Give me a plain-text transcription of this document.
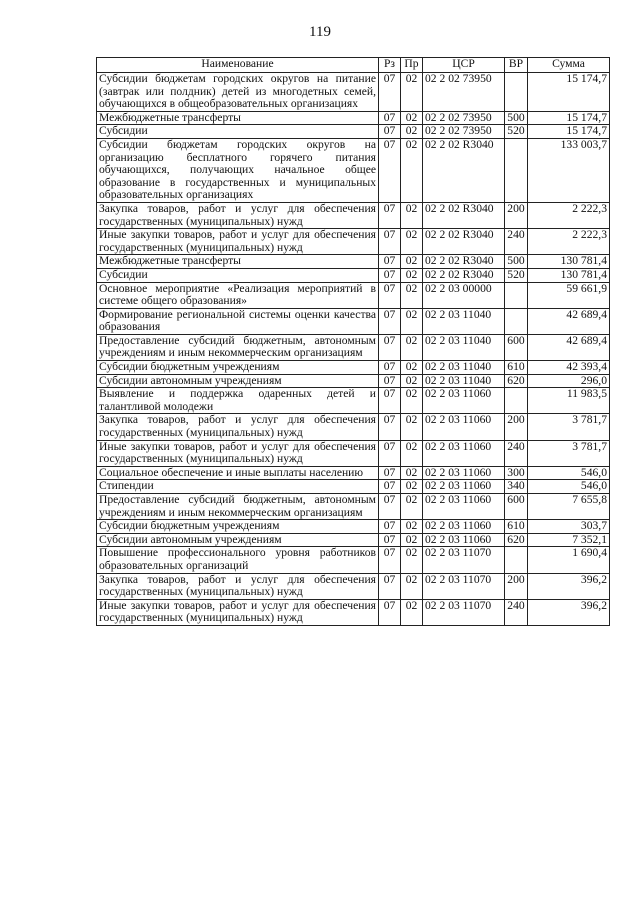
119
Наименование	Рз	Пр	ЦСР	ВР	Сумма
Субсидии бюджетам городских округов на питание (завтрак или полдник) детей из многодетных семей, обучающихся в общеобразовательных организациях	07	02	02 2 02 73950		15 174,7
Межбюджетные трансферты	07	02	02 2 02 73950	500	15 174,7
Субсидии	07	02	02 2 02 73950	520	15 174,7
Субсидии бюджетам городских округов на организацию бесплатного горячего питания обучающихся, получающих начальное общее образование в государственных и муниципальных образовательных организациях	07	02	02 2 02 R3040		133 003,7
Закупка товаров, работ и услуг для обеспечения государственных (муниципальных) нужд	07	02	02 2 02 R3040	200	2 222,3
Иные закупки товаров, работ и услуг для обеспечения государственных (муниципальных) нужд	07	02	02 2 02 R3040	240	2 222,3
Межбюджетные трансферты	07	02	02 2 02 R3040	500	130 781,4
Субсидии	07	02	02 2 02 R3040	520	130 781,4
Основное мероприятие «Реализация мероприятий в системе общего образования»	07	02	02 2 03 00000		59 661,9
Формирование региональной системы оценки качества образования	07	02	02 2 03 11040		42 689,4
Предоставление субсидий бюджетным, автономным учреждениям и иным некоммерческим организациям	07	02	02 2 03 11040	600	42 689,4
Субсидии бюджетным учреждениям	07	02	02 2 03 11040	610	42 393,4
Субсидии автономным учреждениям	07	02	02 2 03 11040	620	296,0
Выявление и поддержка одаренных детей и талантливой молодежи	07	02	02 2 03 11060		11 983,5
Закупка товаров, работ и услуг для обеспечения государственных (муниципальных) нужд	07	02	02 2 03 11060	200	3 781,7
Иные закупки товаров, работ и услуг для обеспечения государственных (муниципальных) нужд	07	02	02 2 03 11060	240	3 781,7
Социальное обеспечение и иные выплаты населению	07	02	02 2 03 11060	300	546,0
Стипендии	07	02	02 2 03 11060	340	546,0
Предоставление субсидий бюджетным, автономным учреждениям и иным некоммерческим организациям	07	02	02 2 03 11060	600	7 655,8
Субсидии бюджетным учреждениям	07	02	02 2 03 11060	610	303,7
Субсидии автономным учреждениям	07	02	02 2 03 11060	620	7 352,1
Повышение профессионального уровня работников образовательных организаций	07	02	02 2 03 11070		1 690,4
Закупка товаров, работ и услуг для обеспечения государственных (муниципальных) нужд	07	02	02 2 03 11070	200	396,2
Иные закупки товаров, работ и услуг для обеспечения государственных (муниципальных) нужд	07	02	02 2 03 11070	240	396,2
